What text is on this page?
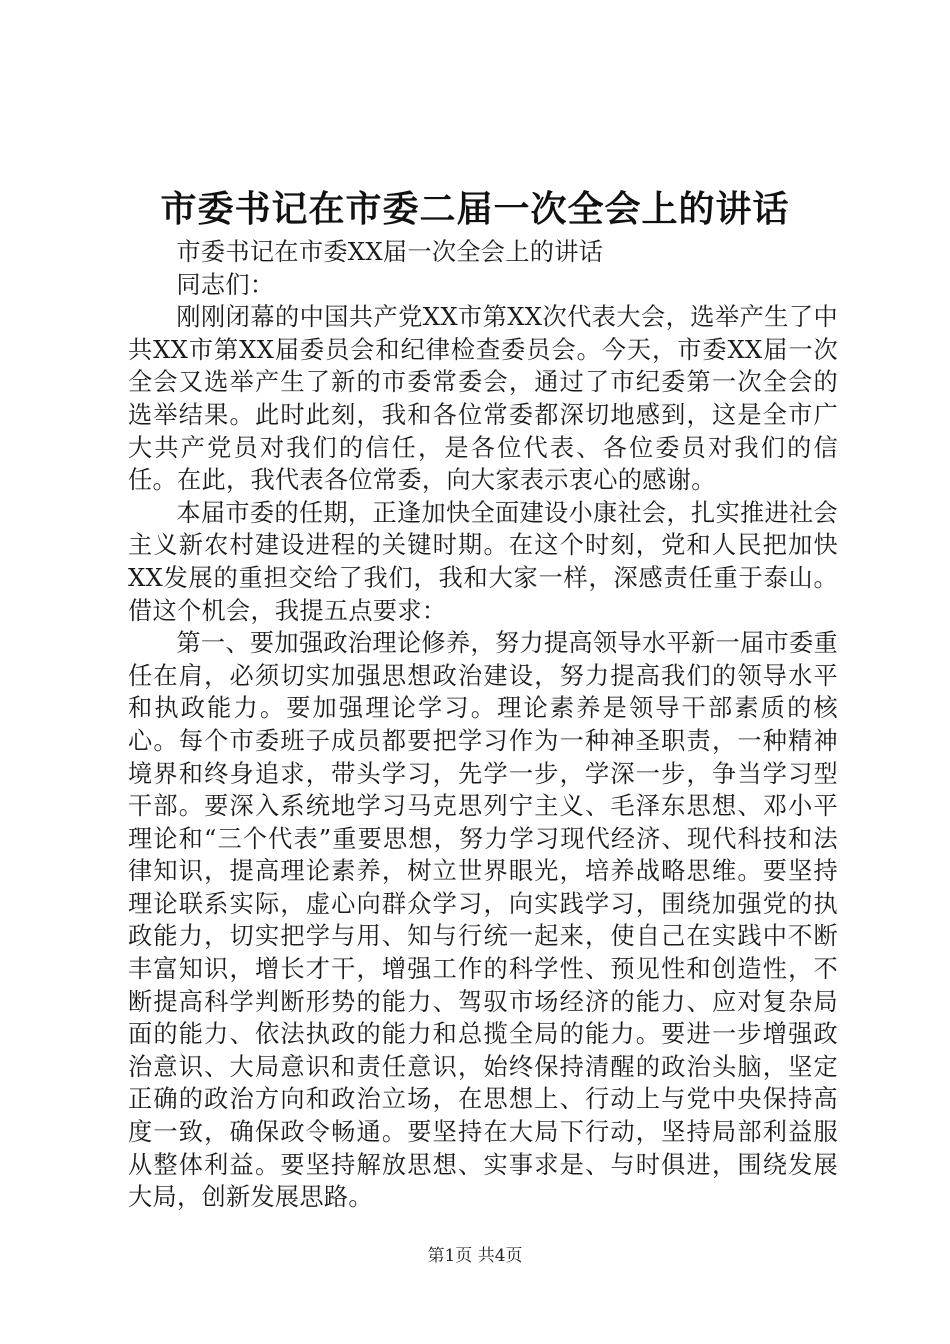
市委书记在市委二届一次全会上的讲话

市委书记在市委XX届一次全会上的讲话

同志们：

刚刚闭幕的中国共产党XX市第XX次代表大会，选举产生了中共XX市第XX届委员会和纪律检查委员会。今天，市委XX届一次全会又选举产生了新的市委常委会，通过了市纪委第一次全会的选举结果。此时此刻，我和各位常委都深切地感到，这是全市广大共产党员对我们的信任，是各位代表、各位委员对我们的信任。在此，我代表各位常委，向大家表示衷心的感谢。

本届市委的任期，正逢加快全面建设小康社会，扎实推进社会主义新农村建设进程的关键时期。在这个时刻，党和人民把加快XX发展的重担交给了我们，我和大家一样，深感责任重于泰山。借这个机会，我提五点要求：

第一、要加强政治理论修养，努力提高领导水平新一届市委重任在肩，必须切实加强思想政治建设，努力提高我们的领导水平和执政能力。要加强理论学习。理论素养是领导干部素质的核心。每个市委班子成员都要把学习作为一种神圣职责，一种精神境界和终身追求，带头学习，先学一步，学深一步，争当学习型干部。要深入系统地学习马克思列宁主义、毛泽东思想、邓小平理论和“三个代表”重要思想，努力学习现代经济、现代科技和法律知识，提高理论素养，树立世界眼光，培养战略思维。要坚持理论联系实际，虚心向群众学习，向实践学习，围绕加强党的执政能力，切实把学与用、知与行统一起来，使自己在实践中不断丰富知识，增长才干，增强工作的科学性、预见性和创造性，不断提高科学判断形势的能力、驾驭市场经济的能力、应对复杂局面的能力、依法执政的能力和总揽全局的能力。要进一步增强政治意识、大局意识和责任意识，始终保持清醒的政治头脑，坚定正确的政治方向和政治立场，在思想上、行动上与党中央保持高度一致，确保政令畅通。要坚持在大局下行动，坚持局部利益服从整体利益。要坚持解放思想、实事求是、与时俱进，围绕发展大局，创新发展思路。

第1页 共4页
